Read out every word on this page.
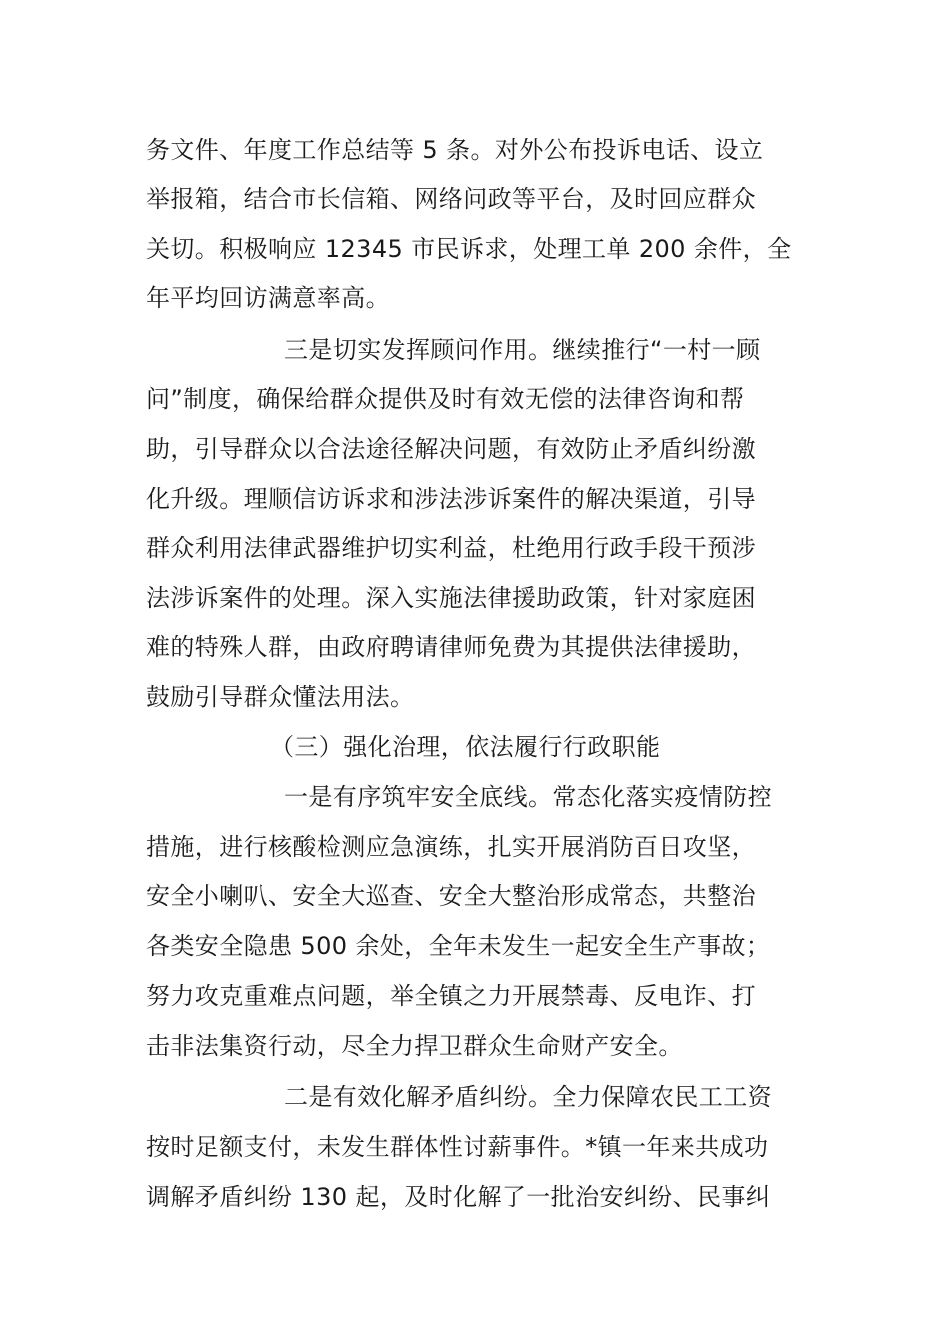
务文件、年度工作总结等 5 条。对外公布投诉电话、设立
举报箱，结合市长信箱、网络问政等平台，及时回应群众
关切。积极响应 12345 市民诉求，处理工单 200 余件，全
年平均回访满意率高。
三是切实发挥顾问作用。继续推行“一村一顾
问”制度，确保给群众提供及时有效无偿的法律咨询和帮
助，引导群众以合法途径解决问题，有效防止矛盾纠纷激
化升级。理顺信访诉求和涉法涉诉案件的解决渠道，引导
群众利用法律武器维护切实利益，杜绝用行政手段干预涉
法涉诉案件的处理。深入实施法律援助政策，针对家庭困
难的特殊人群，由政府聘请律师免费为其提供法律援助，
鼓励引导群众懂法用法。
（三）强化治理，依法履行行政职能
一是有序筑牢安全底线。常态化落实疫情防控
措施，进行核酸检测应急演练，扎实开展消防百日攻坚，
安全小喇叭、安全大巡查、安全大整治形成常态，共整治
各类安全隐患 500 余处，全年未发生一起安全生产事故；
努力攻克重难点问题，举全镇之力开展禁毒、反电诈、打
击非法集资行动，尽全力捍卫群众生命财产安全。
二是有效化解矛盾纠纷。全力保障农民工工资
按时足额支付，未发生群体性讨薪事件。*镇一年来共成功
调解矛盾纠纷 130 起，及时化解了一批治安纠纷、民事纠
